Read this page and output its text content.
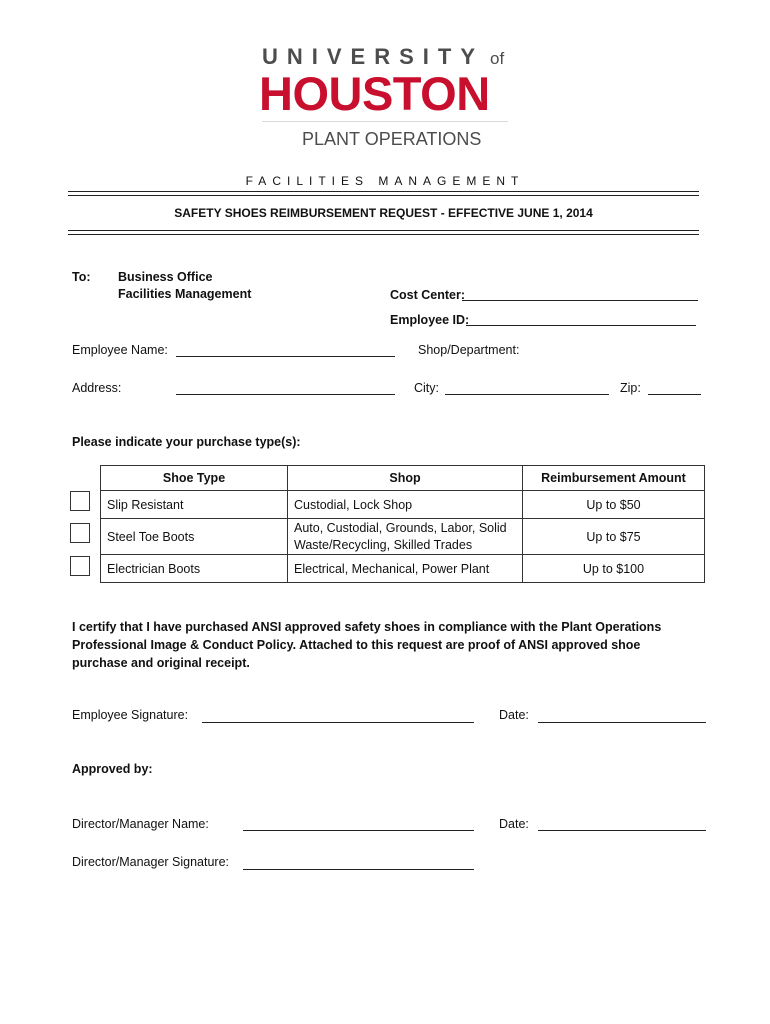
UNIVERSITY of
HOUSTON
PLANT OPERATIONS
FACILITIES MANAGEMENT
SAFETY SHOES REIMBURSEMENT REQUEST - EFFECTIVE JUNE 1, 2014
To: Business Office
Facilities Management	Cost Center:
Employee ID:
Employee Name:	Shop/Department:
Address:	City:	Zip:
Please indicate your purchase type(s):
Shoe Type	Shop	Reimbursement Amount
Slip Resistant	Custodial, Lock Shop	Up to $50
Steel Toe Boots	Auto, Custodial, Grounds, Labor, Solid Waste/Recycling, Skilled Trades	Up to $75
Electrician Boots	Electrical, Mechanical, Power Plant	Up to $100
I certify that I have purchased ANSI approved safety shoes in compliance with the Plant Operations Professional Image & Conduct Policy. Attached to this request are proof of ANSI approved shoe purchase and original receipt.
Employee Signature:	Date:
Approved by:
Director/Manager Name:	Date:
Director/Manager Signature:
